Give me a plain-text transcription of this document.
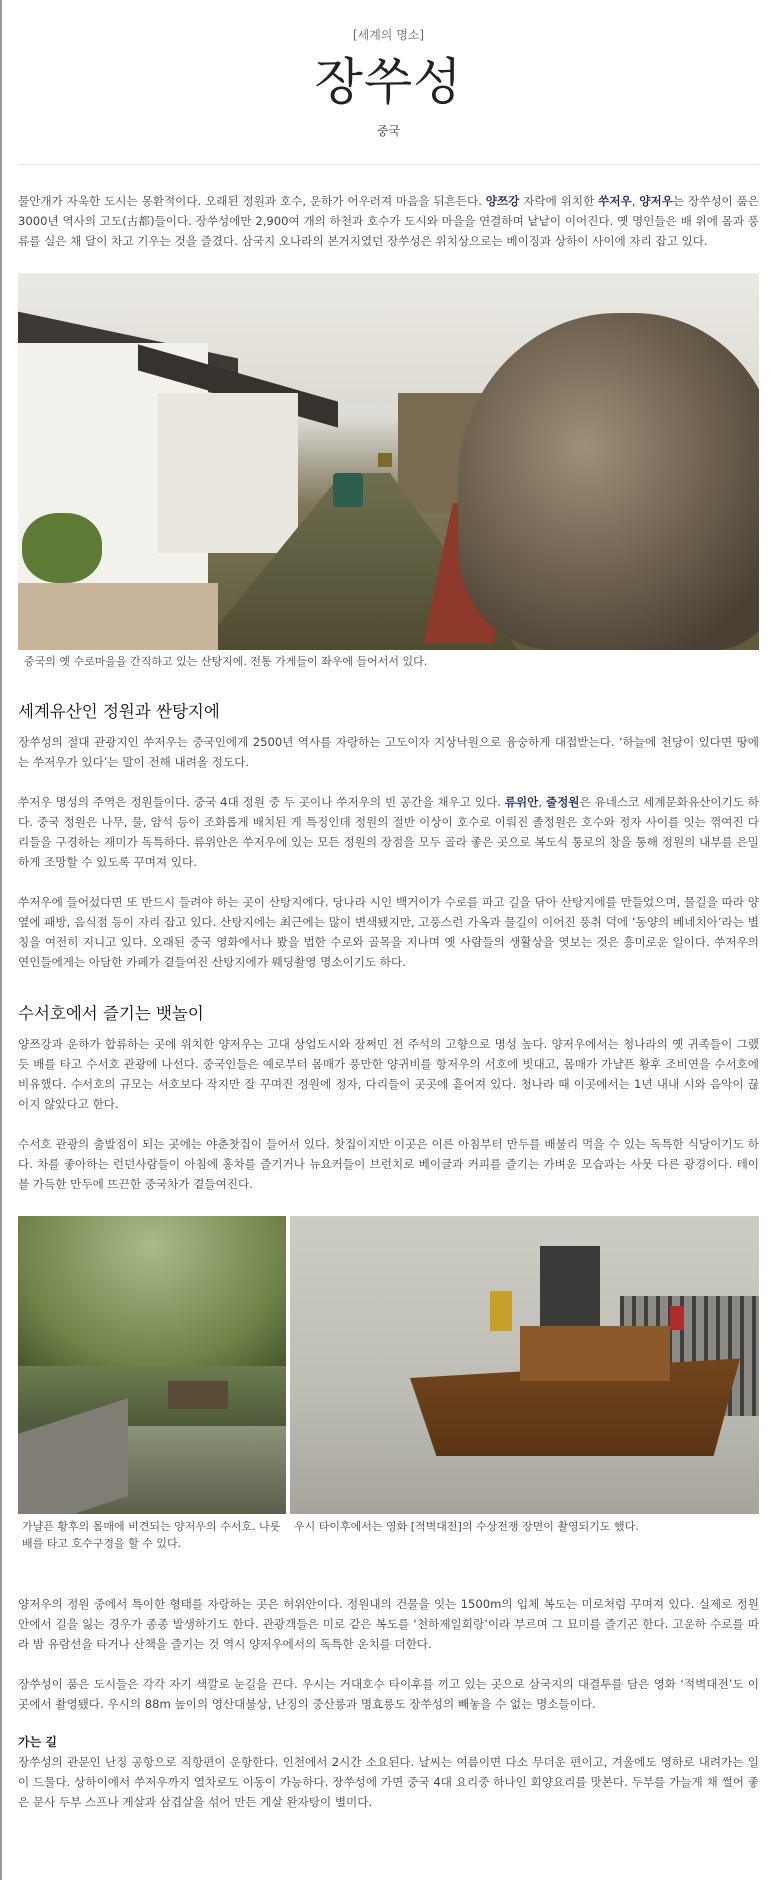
[세계의 명소]
장쑤성
중국

물안개가 자욱한 도시는 몽환적이다. 오래된 정원과 호수, 운하가 어우러져 마음을 뒤흔든다. 양쯔강 자락에 위치한 쑤저우, 양저우는 장쑤성이 품은 3000년 역사의 고도(古都)들이다. 장쑤성에만 2,900여 개의 하천과 호수가 도시와 마을을 연결하며 낱낱이 이어진다. 옛 명인들은 배 위에 몸과 풍류를 실은 채 달이 차고 기우는 것을 즐겼다. 삼국지 오나라의 본거지였던 장쑤성은 위치상으로는 베이징과 상하이 사이에 자리 잡고 있다.

중국의 옛 수로마을을 간직하고 있는 산탕지에. 전통 가게들이 좌우에 들어서서 있다.
세계유산인 정원과 싼탕지에

장쑤성의 절대 관광지인 쑤저우는 중국인에게 2500년 역사를 자랑하는 고도이자 지상낙원으로 융숭하게 대접받는다. ‘하늘에 천당이 있다면 땅에는 쑤저우가 있다’는 말이 전해 내려올 정도다.

쑤저우 명성의 주역은 정원들이다. 중국 4대 정원 중 두 곳이나 쑤저우의 빈 공간을 채우고 있다. 류위안, 줄정원은 유네스코 세계문화유산이기도 하다. 중국 정원은 나무, 물, 암석 등이 조화롭게 배치된 게 특징인데 정원의 절반 이상이 호수로 이뤄진 졸정원은 호수와 정자 사이를 잇는 꺾여진 다리들을 구경하는 재미가 독특하다. 류위안은 쑤저우에 있는 모든 정원의 장점을 모두 골라 좋은 곳으로 복도식 통로의 창을 통해 정원의 내부를 은밀하게 조망할 수 있도록 꾸며져 있다.

쑤저우에 들어섰다면 또 반드시 들려야 하는 곳이 산탕지에다. 당나라 시인 백거이가 수로를 파고 길을 닦아 산탕지에를 만들었으며, 물길을 따라 양 옆에 패방, 음식점 등이 자리 잡고 있다. 산탕지에는 최근에는 많이 변색됐지만, 고풍스런 가옥과 물길이 이어진 풍취 덕에 ‘동양의 베네치아’라는 별칭을 여전히 지니고 있다. 오래된 중국 영화에서나 봤을 법한 수로와 골목을 지나며 옛 사람들의 생활상을 엿보는 것은 흥미로운 일이다. 쑤저우의 연인들에게는 아담한 카페가 곁들여진 산탕지에가 웨딩촬영 명소이기도 하다.

수서호에서 즐기는 뱃놀이

양쯔강과 운하가 합류하는 곳에 위치한 양저우는 고대 상업도시와 장쩌민 전 주석의 고향으로 명성 높다. 양저우에서는 청나라의 옛 귀족들이 그랬듯 배를 타고 수서호 관광에 나선다. 중국인들은 예로부터 몸매가 풍만한 양귀비를 항저우의 서호에 빗대고, 몸매가 가냘픈 황후 조비연을 수서호에 비유했다. 수서호의 규모는 서호보다 작지만 잘 꾸며진 정원에 정자, 다리들이 곳곳에 흩어져 있다. 청나라 때 이곳에서는 1년 내내 시와 음악이 끊이지 않았다고 한다.

수서호 관광의 출발점이 되는 곳에는 야춘찻집이 들어서 있다. 찻집이지만 이곳은 이른 아침부터 만두를 배불리 먹을 수 있는 독특한 식당이기도 하다. 차를 좋아하는 런던사람들이 아침에 홍차를 즐기거나 뉴요커들이 브런치로 베이글과 커피를 즐기는 가벼운 모습과는 사뭇 다른 광경이다. 테이블 가득한 만두에 뜨끈한 중국차가 곁들여진다.

가냘픈 황후의 몸매에 비견되는 양저우의 수서호. 나룻배를 타고 호수구경을 할 수 있다.
우시 타이후에서는 영화 [적벽대전]의 수상전쟁 장면이 촬영되기도 했다.

양저우의 정원 중에서 특이한 형태를 자랑하는 곳은 허위안이다. 정원내의 건물을 잇는 1500m의 입체 복도는 미로처럼 꾸며져 있다. 실제로 정원 안에서 길을 잃는 경우가 종종 발생하기도 한다. 관광객들은 미로 같은 복도를 ‘천하제일회랑’이라 부르며 그 묘미를 즐기곤 한다. 고운하 수로를 따라 밤 유람선을 타거나 산책을 즐기는 것 역시 양저우에서의 독특한 운치를 더한다.

장쑤성이 품은 도시들은 각각 자기 색깔로 눈길을 끈다. 우시는 거대호수 타이후를 끼고 있는 곳으로 삼국지의 대결투를 담은 영화 ‘적벽대전’도 이곳에서 촬영됐다. 우시의 88m 높이의 영산대불상, 난징의 중산릉과 명효릉도 장쑤성의 빼놓을 수 없는 명소들이다.

가는 길

장쑤성의 관문인 난징 공항으로 직항편이 운항한다. 인천에서 2시간 소요된다. 날씨는 여름이면 다소 무더운 편이고, 겨울에도 영하로 내려가는 일이 드물다. 상하이에서 쑤저우까지 열차로도 이동이 가능하다. 장쑤성에 가면 중국 4대 요리중 하나인 회양요리를 맛본다. 두부를 가늘게 채 썰어 좋은 문사 두부 스프나 게살과 삼겹살을 섞어 만든 게살 완자탕이 별미다.
